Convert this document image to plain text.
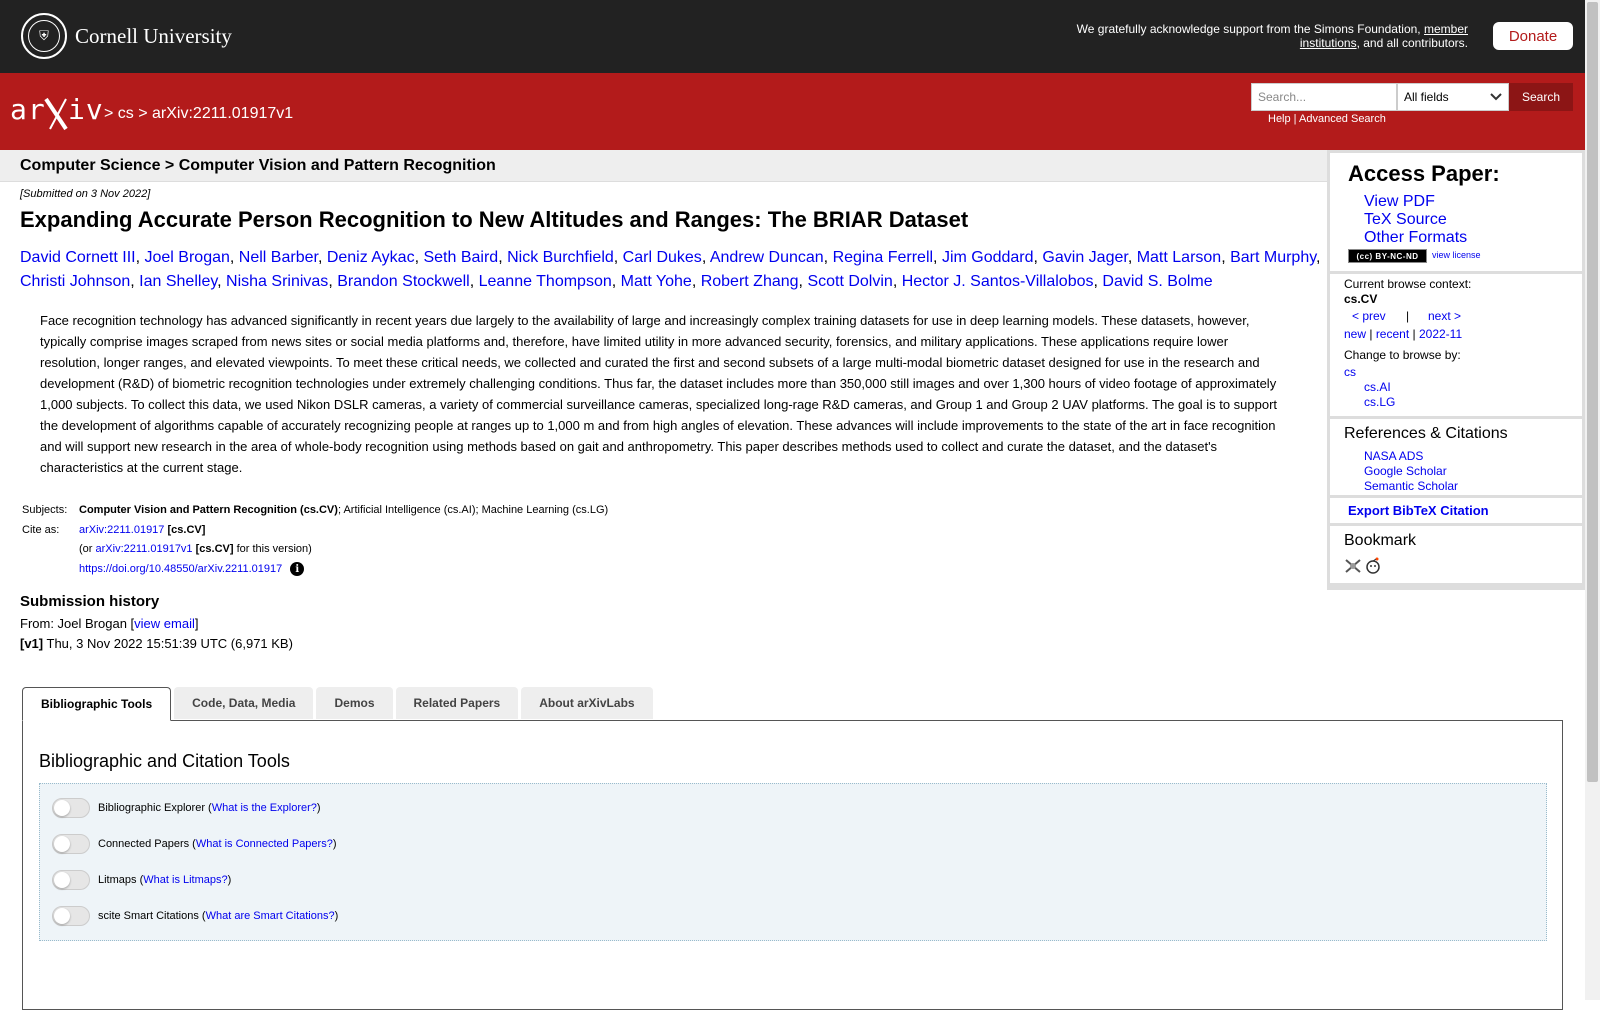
⛨	Cornell University	We gratefully acknowledge support from the Simons Foundation, member institutions, and all contributors.	Donate
ar iv > cs > arXiv:2211.01917v1
Search...	All fields	Search
Help | Advanced Search
Computer Science > Computer Vision and Pattern Recognition
[Submitted on 3 Nov 2022]
Expanding Accurate Person Recognition to New Altitudes and Ranges: The BRIAR Dataset
David Cornett III, Joel Brogan, Nell Barber, Deniz Aykac, Seth Baird, Nick Burchfield, Carl Dukes, Andrew Duncan, Regina Ferrell, Jim Goddard, Gavin Jager, Matt Larson, Bart Murphy, Christi Johnson, Ian Shelley, Nisha Srinivas, Brandon Stockwell, Leanne Thompson, Matt Yohe, Robert Zhang, Scott Dolvin, Hector J. Santos-Villalobos, David S. Bolme
Face recognition technology has advanced significantly in recent years due largely to the availability of large and increasingly complex training datasets for use in deep learning models. These datasets, however, typically comprise images scraped from news sites or social media platforms and, therefore, have limited utility in more advanced security, forensics, and military applications. These applications require lower resolution, longer ranges, and elevated viewpoints. To meet these critical needs, we collected and curated the first and second subsets of a large multi-modal biometric dataset designed for use in the research and development (R&D) of biometric recognition technologies under extremely challenging conditions. Thus far, the dataset includes more than 350,000 still images and over 1,300 hours of video footage of approximately 1,000 subjects. To collect this data, we used Nikon DSLR cameras, a variety of commercial surveillance cameras, specialized long-rage R&D cameras, and Group 1 and Group 2 UAV platforms. The goal is to support the development of algorithms capable of accurately recognizing people at ranges up to 1,000 m and from high angles of elevation. These advances will include improvements to the state of the art in face recognition and will support new research in the area of whole-body recognition using methods based on gait and anthropometry. This paper describes methods used to collect and curate the dataset, and the dataset's characteristics at the current stage.
Subjects:	Computer Vision and Pattern Recognition (cs.CV); Artificial Intelligence (cs.AI); Machine Learning (cs.LG)
Cite as:	arXiv:2211.01917 [cs.CV]
(or arXiv:2211.01917v1 [cs.CV] for this version)
https://doi.org/10.48550/arXiv.2211.01917 i
Submission history
From: Joel Brogan [view email]
[v1] Thu, 3 Nov 2022 15:51:39 UTC (6,971 KB)
Bibliographic Tools	Code, Data, Media	Demos	Related Papers	About arXivLabs
Bibliographic and Citation Tools
Bibliographic Explorer ( What is the Explorer? )
Connected Papers ( What is Connected Papers? )
Litmaps ( What is Litmaps? )
scite Smart Citations ( What are Smart Citations? )
Access Paper:
View PDF
TeX Source
Other Formats
(cc) BY-NC-ND	view license
Current browse context:
cs.CV
< prev | next >
new | recent | 2022-11
Change to browse by:
cs
cs.AI
cs.LG
References & Citations
NASA ADS
Google Scholar
Semantic Scholar
Export BibTeX Citation
Bookmark
